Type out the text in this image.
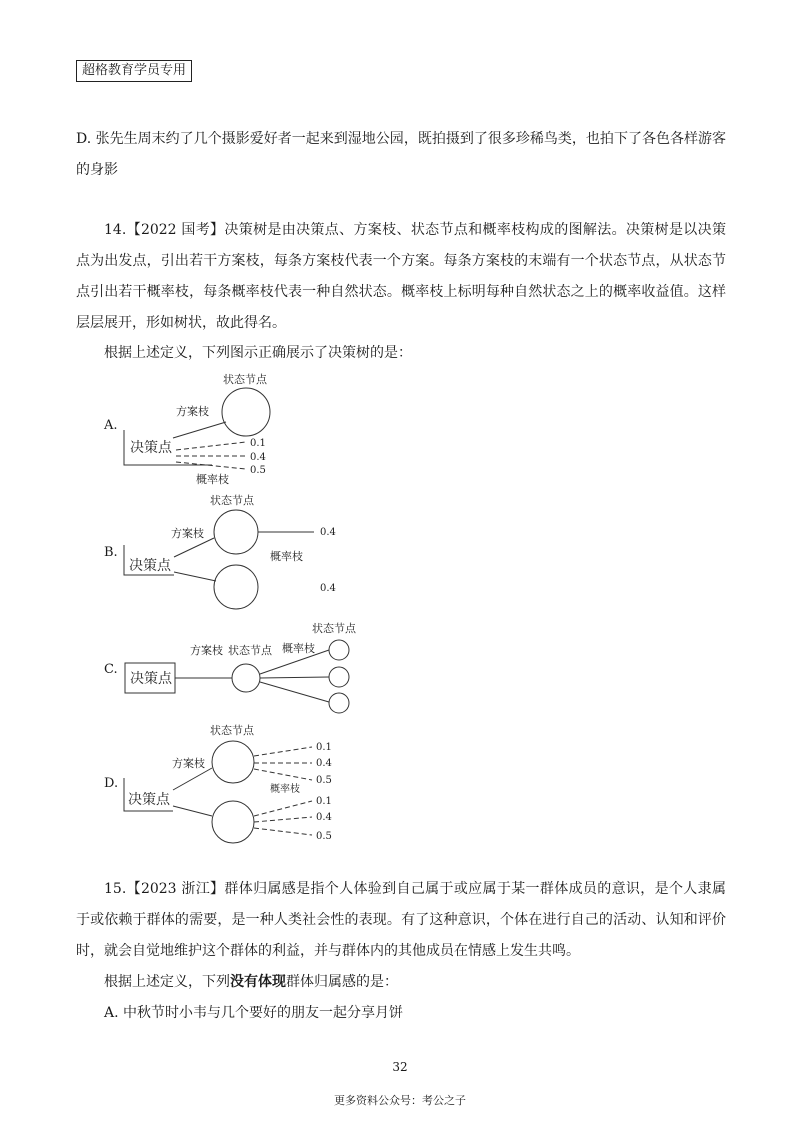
超格教育学员专用

D. 张先生周末约了几个摄影爱好者一起来到湿地公园，既拍摄到了很多珍稀鸟类，也拍下了各色各样游客的身影

14.【2022 国考】决策树是由决策点、方案枝、状态节点和概率枝构成的图解法。决策树是以决策点为出发点，引出若干方案枝，每条方案枝代表一个方案。每条方案枝的末端有一个状态节点，从状态节点引出若干概率枝，每条概率枝代表一种自然状态。概率枝上标明每种自然状态之上的概率收益值。这样层层展开，形如树状，故此得名。

根据上述定义，下列图示正确展示了决策树的是：

A.
状态节点
方案枝
决策点	0.1
0.4
0.5
概率枝
B.
状态节点
方案枝
决策点
0.4
概率枝
0.4
C.
状态节点
方案枝 状态节点 概率枝
决策点
D.
状态节点
方案枝
决策点
0.1
0.4
0.5
概率枝
0.1
0.4
0.5

15.【2023 浙江】群体归属感是指个人体验到自己属于或应属于某一群体成员的意识，是个人隶属于或依赖于群体的需要，是一种人类社会性的表现。有了这种意识，个体在进行自己的活动、认知和评价时，就会自觉地维护这个群体的利益，并与群体内的其他成员在情感上发生共鸣。

根据上述定义，下列没有体现群体归属感的是：

A. 中秋节时小韦与几个要好的朋友一起分享月饼

32
更多资料公众号：考公之子
